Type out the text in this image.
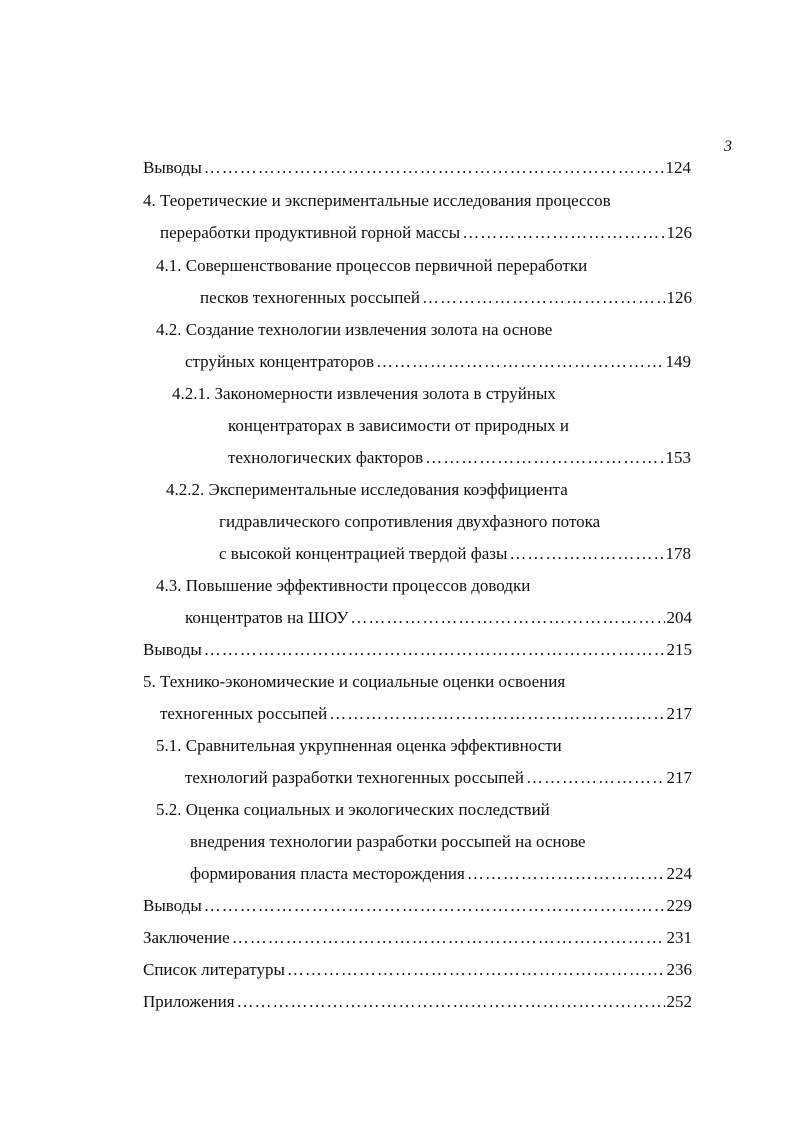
3
Выводы ……………………………………………………………………………………………………………………………………………………………………………………………………………………………	124
4. Теоретические и экспериментальные исследования процессов
переработки продуктивной горной массы ……………………………………………………………………………………………………………………………………………………………………………………………………………………………	126
4.1. Совершенствование процессов первичной переработки
песков техногенных россыпей ……………………………………………………………………………………………………………………………………………………………………………………………………………………………	126
4.2. Создание технологии извлечения золота на основе
струйных концентраторов ……………………………………………………………………………………………………………………………………………………………………………………………………………………………	149
4.2.1. Закономерности извлечения золота в струйных
концентраторах в зависимости от природных и
технологических факторов ……………………………………………………………………………………………………………………………………………………………………………………………………………………………	153
4.2.2. Экспериментальные исследования коэффициента
гидравлического сопротивления двухфазного потока
с высокой концентрацией твердой фазы ……………………………………………………………………………………………………………………………………………………………………………………………………………………………	178
4.3. Повышение эффективности процессов доводки
концентратов на ШОУ ……………………………………………………………………………………………………………………………………………………………………………………………………………………………	204
Выводы ……………………………………………………………………………………………………………………………………………………………………………………………………………………………	215
5. Технико-экономические и социальные оценки освоения
техногенных россыпей ……………………………………………………………………………………………………………………………………………………………………………………………………………………………	217
5.1. Сравнительная укрупненная оценка эффективности
технологий разработки техногенных россыпей ……………………………………………………………………………………………………………………………………………………………………………………………………………………………	217
5.2. Оценка социальных и экологических последствий
внедрения технологии разработки россыпей на основе
формирования пласта месторождения ……………………………………………………………………………………………………………………………………………………………………………………………………………………………	224
Выводы ……………………………………………………………………………………………………………………………………………………………………………………………………………………………	229
Заключение ……………………………………………………………………………………………………………………………………………………………………………………………………………………………	231
Список литературы ……………………………………………………………………………………………………………………………………………………………………………………………………………………………	236
Приложения ……………………………………………………………………………………………………………………………………………………………………………………………………………………………	252
